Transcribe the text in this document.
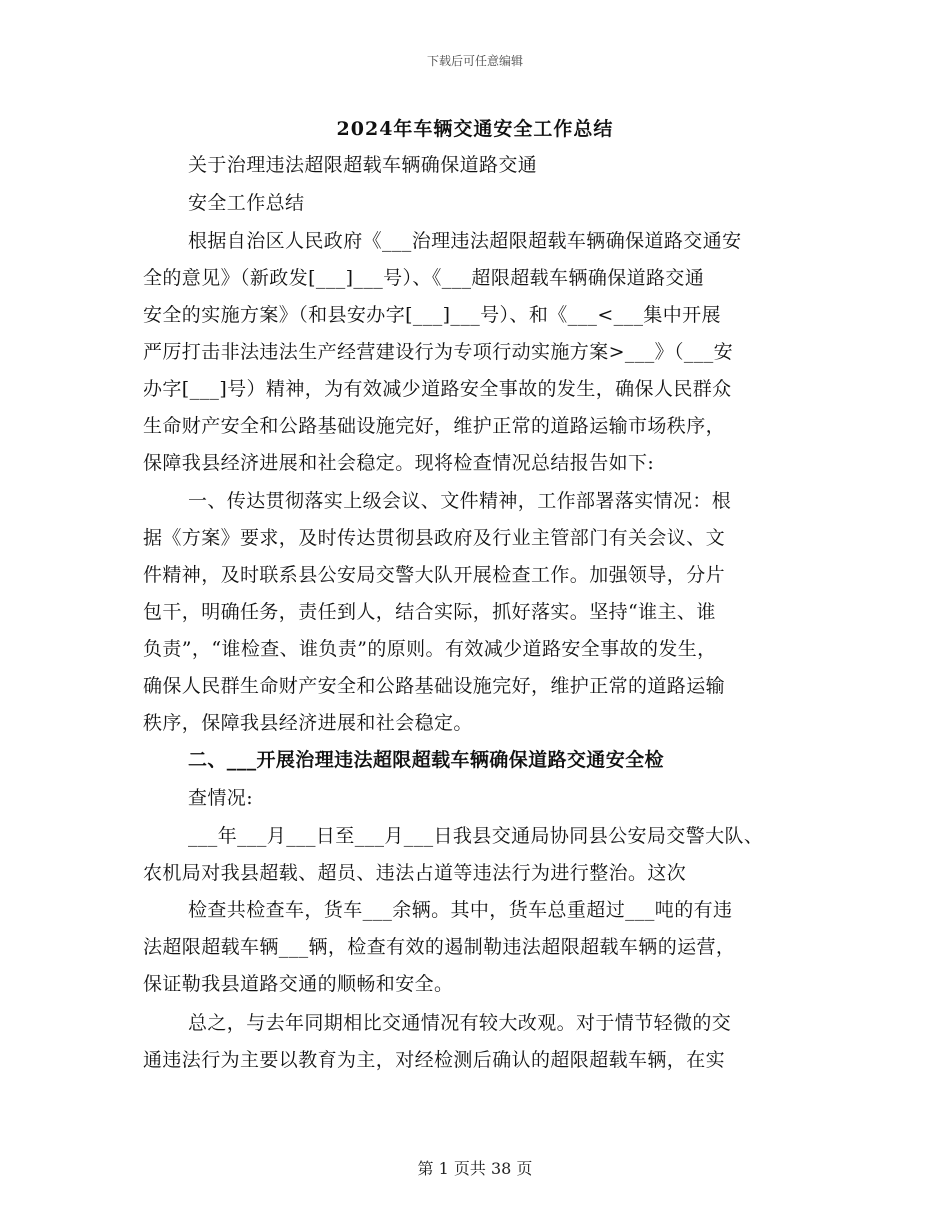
下载后可任意编辑
2024年车辆交通安全工作总结
关于治理违法超限超载车辆确保道路交通
安全工作总结
根据自治区人民政府《___治理违法超限超载车辆确保道路交通安
全的意见》（新政发[___]___号）、《___超限超载车辆确保道路交通
安全的实施方案》（和县安办字[___]___号）、和《___<___集中开展
严厉打击非法违法生产经营建设行为专项行动实施方案>___》（___安
办字[___]号）精神，为有效减少道路安全事故的发生，确保人民群众
生命财产安全和公路基础设施完好，维护正常的道路运输市场秩序，
保障我县经济进展和社会稳定。现将检查情况总结报告如下:
一、传达贯彻落实上级会议、文件精神，工作部署落实情况：根
据《方案》要求，及时传达贯彻县政府及行业主管部门有关会议、文
件精神，及时联系县公安局交警大队开展检查工作。加强领导，分片
包干，明确任务，责任到人，结合实际，抓好落实。坚持“谁主、谁
负责”，“谁检查、谁负责”的原则。有效减少道路安全事故的发生，
确保人民群生命财产安全和公路基础设施完好，维护正常的道路运输
秩序，保障我县经济进展和社会稳定。
二、___开展治理违法超限超载车辆确保道路交通安全检
查情况:
___年___月___日至___月___日我县交通局协同县公安局交警大队、
农机局对我县超载、超员、违法占道等违法行为进行整治。这次
检查共检查车，货车___余辆。其中，货车总重超过___吨的有违
法超限超载车辆___辆，检查有效的遏制勒违法超限超载车辆的运营，
保证勒我县道路交通的顺畅和安全。
总之，与去年同期相比交通情况有较大改观。对于情节轻微的交
通违法行为主要以教育为主，对经检测后确认的超限超载车辆，在实
第 1 页共 38 页
